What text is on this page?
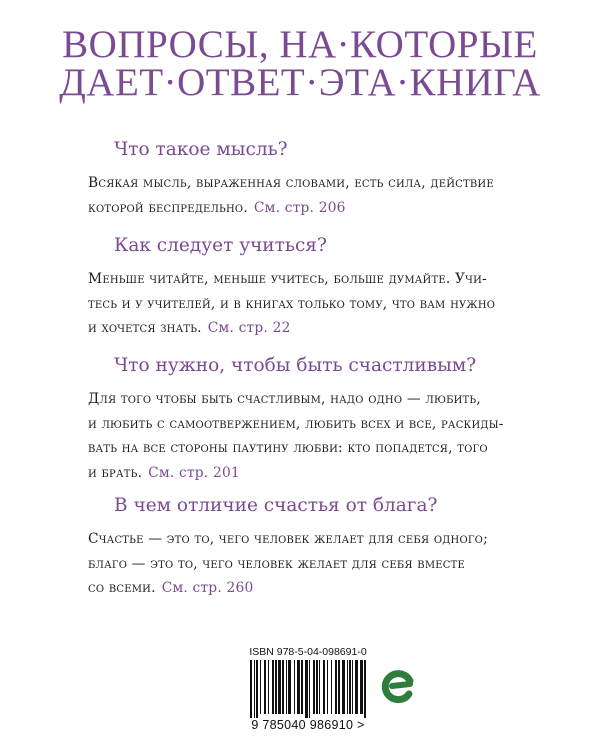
ВОПРОСЫ, НА·КОТОРЫЕ
ДАЕТ·ОТВЕТ·ЭТА·КНИГА
Что такое мысль?
Всякая мысль, выраженная словами, есть сила, действие
которой беспредельно. См. стр. 206
Как следует учиться?
Меньше читайте, меньше учитесь, больше думайте. Учи-
тесь и у учителей, и в книгах только тому, что вам нужно
и хочется знать. См. стр. 22
Что нужно, чтобы быть счастливым?
Для того чтобы быть счастливым, надо одно — любить,
и любить с самоотвержением, любить всех и все, раскиды-
вать на все стороны паутину любви: кто попадется, того
и брать. См. стр. 201
В чем отличие счастья от блага?
Счастье — это то, чего человек желает для себя одного;
благо — это то, чего человек желает для себя вместе
со всеми. См. стр. 260
ISBN 978-5-04-098691-0
9 785040 986910 >
